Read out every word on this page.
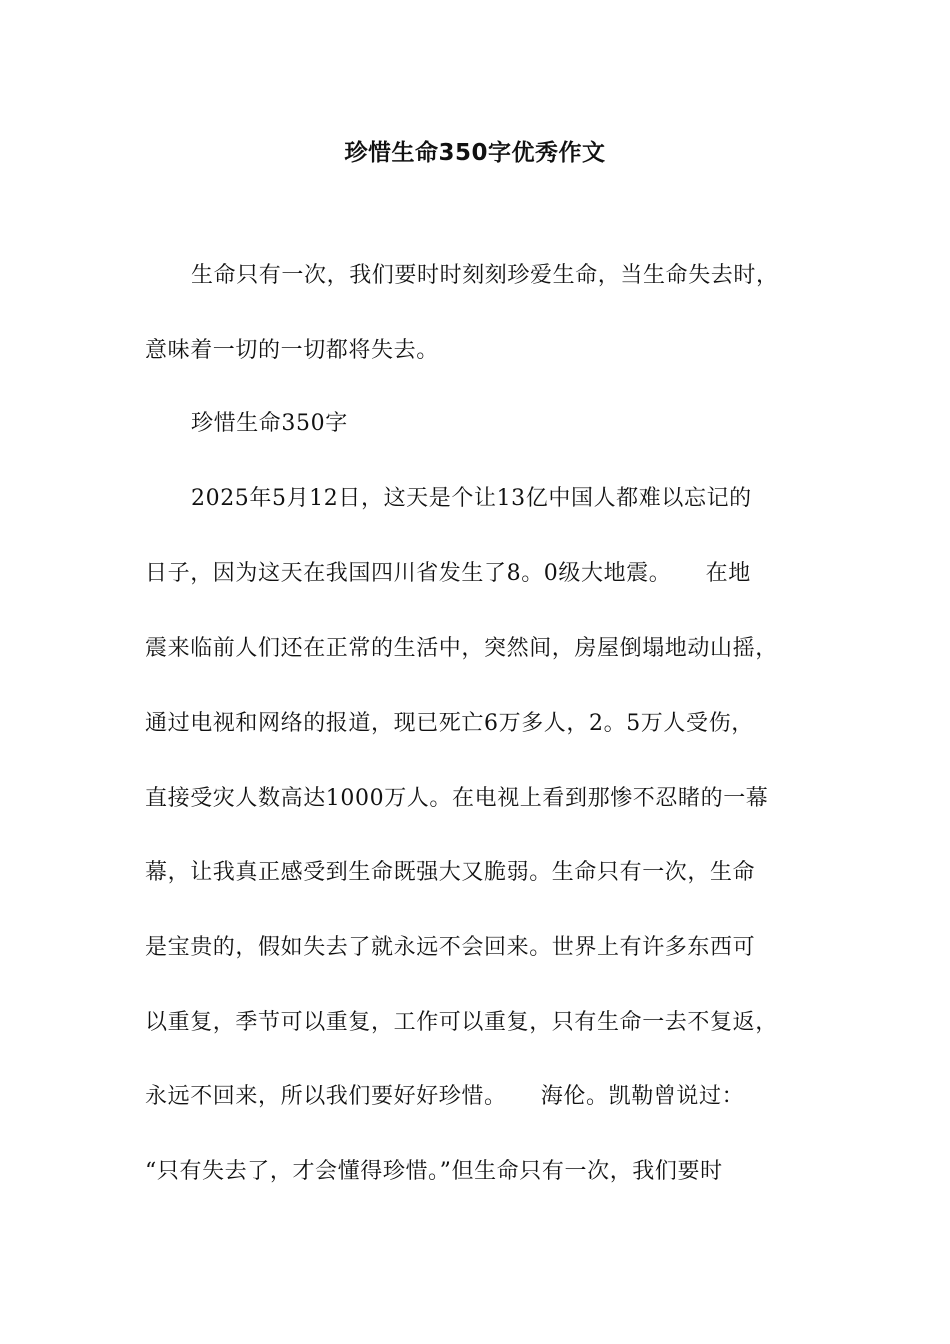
珍惜生命350字优秀作文
生命只有一次，我们要时时刻刻珍爱生命，当生命失去时，
意味着一切的一切都将失去。
珍惜生命350字
2025年5月12日，这天是个让13亿中国人都难以忘记的
日子，因为这天在我国四川省发生了8。0级大地震。　　在地
震来临前人们还在正常的生活中，突然间，房屋倒塌地动山摇，
通过电视和网络的报道，现已死亡6万多人，2。5万人受伤，
直接受灾人数高达1000万人。在电视上看到那惨不忍睹的一幕
幕，让我真正感受到生命既强大又脆弱。生命只有一次，生命
是宝贵的，假如失去了就永远不会回来。世界上有许多东西可
以重复，季节可以重复，工作可以重复，只有生命一去不复返，
永远不回来，所以我们要好好珍惜。　　海伦。凯勒曾说过：
“只有失去了，才会懂得珍惜。”但生命只有一次，我们要时
